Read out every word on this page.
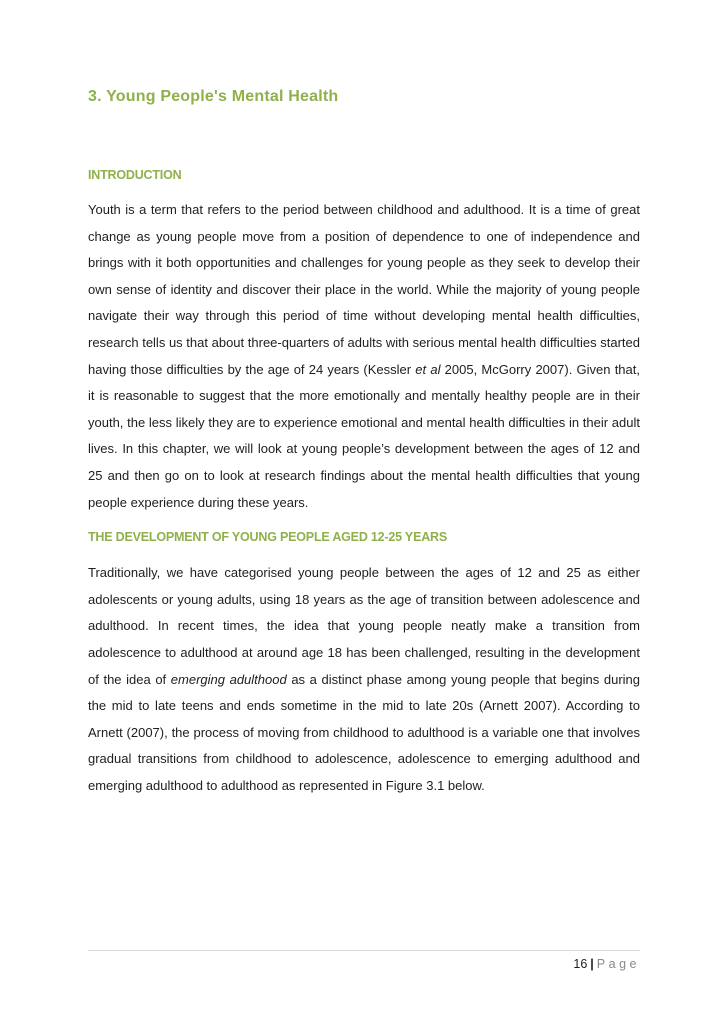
3. Young People's Mental Health
INTRODUCTION

Youth is a term that refers to the period between childhood and adulthood. It is a time of great change as young people move from a position of dependence to one of independence and brings with it both opportunities and challenges for young people as they seek to develop their own sense of identity and discover their place in the world. While the majority of young people navigate their way through this period of time without developing mental health difficulties, research tells us that about three-quarters of adults with serious mental health difficulties started having those difficulties by the age of 24 years (Kessler et al 2005, McGorry 2007). Given that, it is reasonable to suggest that the more emotionally and mentally healthy people are in their youth, the less likely they are to experience emotional and mental health difficulties in their adult lives. In this chapter, we will look at young people’s development between the ages of 12 and 25 and then go on to look at research findings about the mental health difficulties that young people experience during these years.

THE DEVELOPMENT OF YOUNG PEOPLE AGED 12-25 YEARS

Traditionally, we have categorised young people between the ages of 12 and 25 as either adolescents or young adults, using 18 years as the age of transition between adolescence and adulthood. In recent times, the idea that young people neatly make a transition from adolescence to adulthood at around age 18 has been challenged, resulting in the development of the idea of emerging adulthood as a distinct phase among young people that begins during the mid to late teens and ends sometime in the mid to late 20s (Arnett 2007). According to Arnett (2007), the process of moving from childhood to adulthood is a variable one that involves gradual transitions from childhood to adolescence, adolescence to emerging adulthood and emerging adulthood to adulthood as represented in Figure 3.1 below.

16 | Page
